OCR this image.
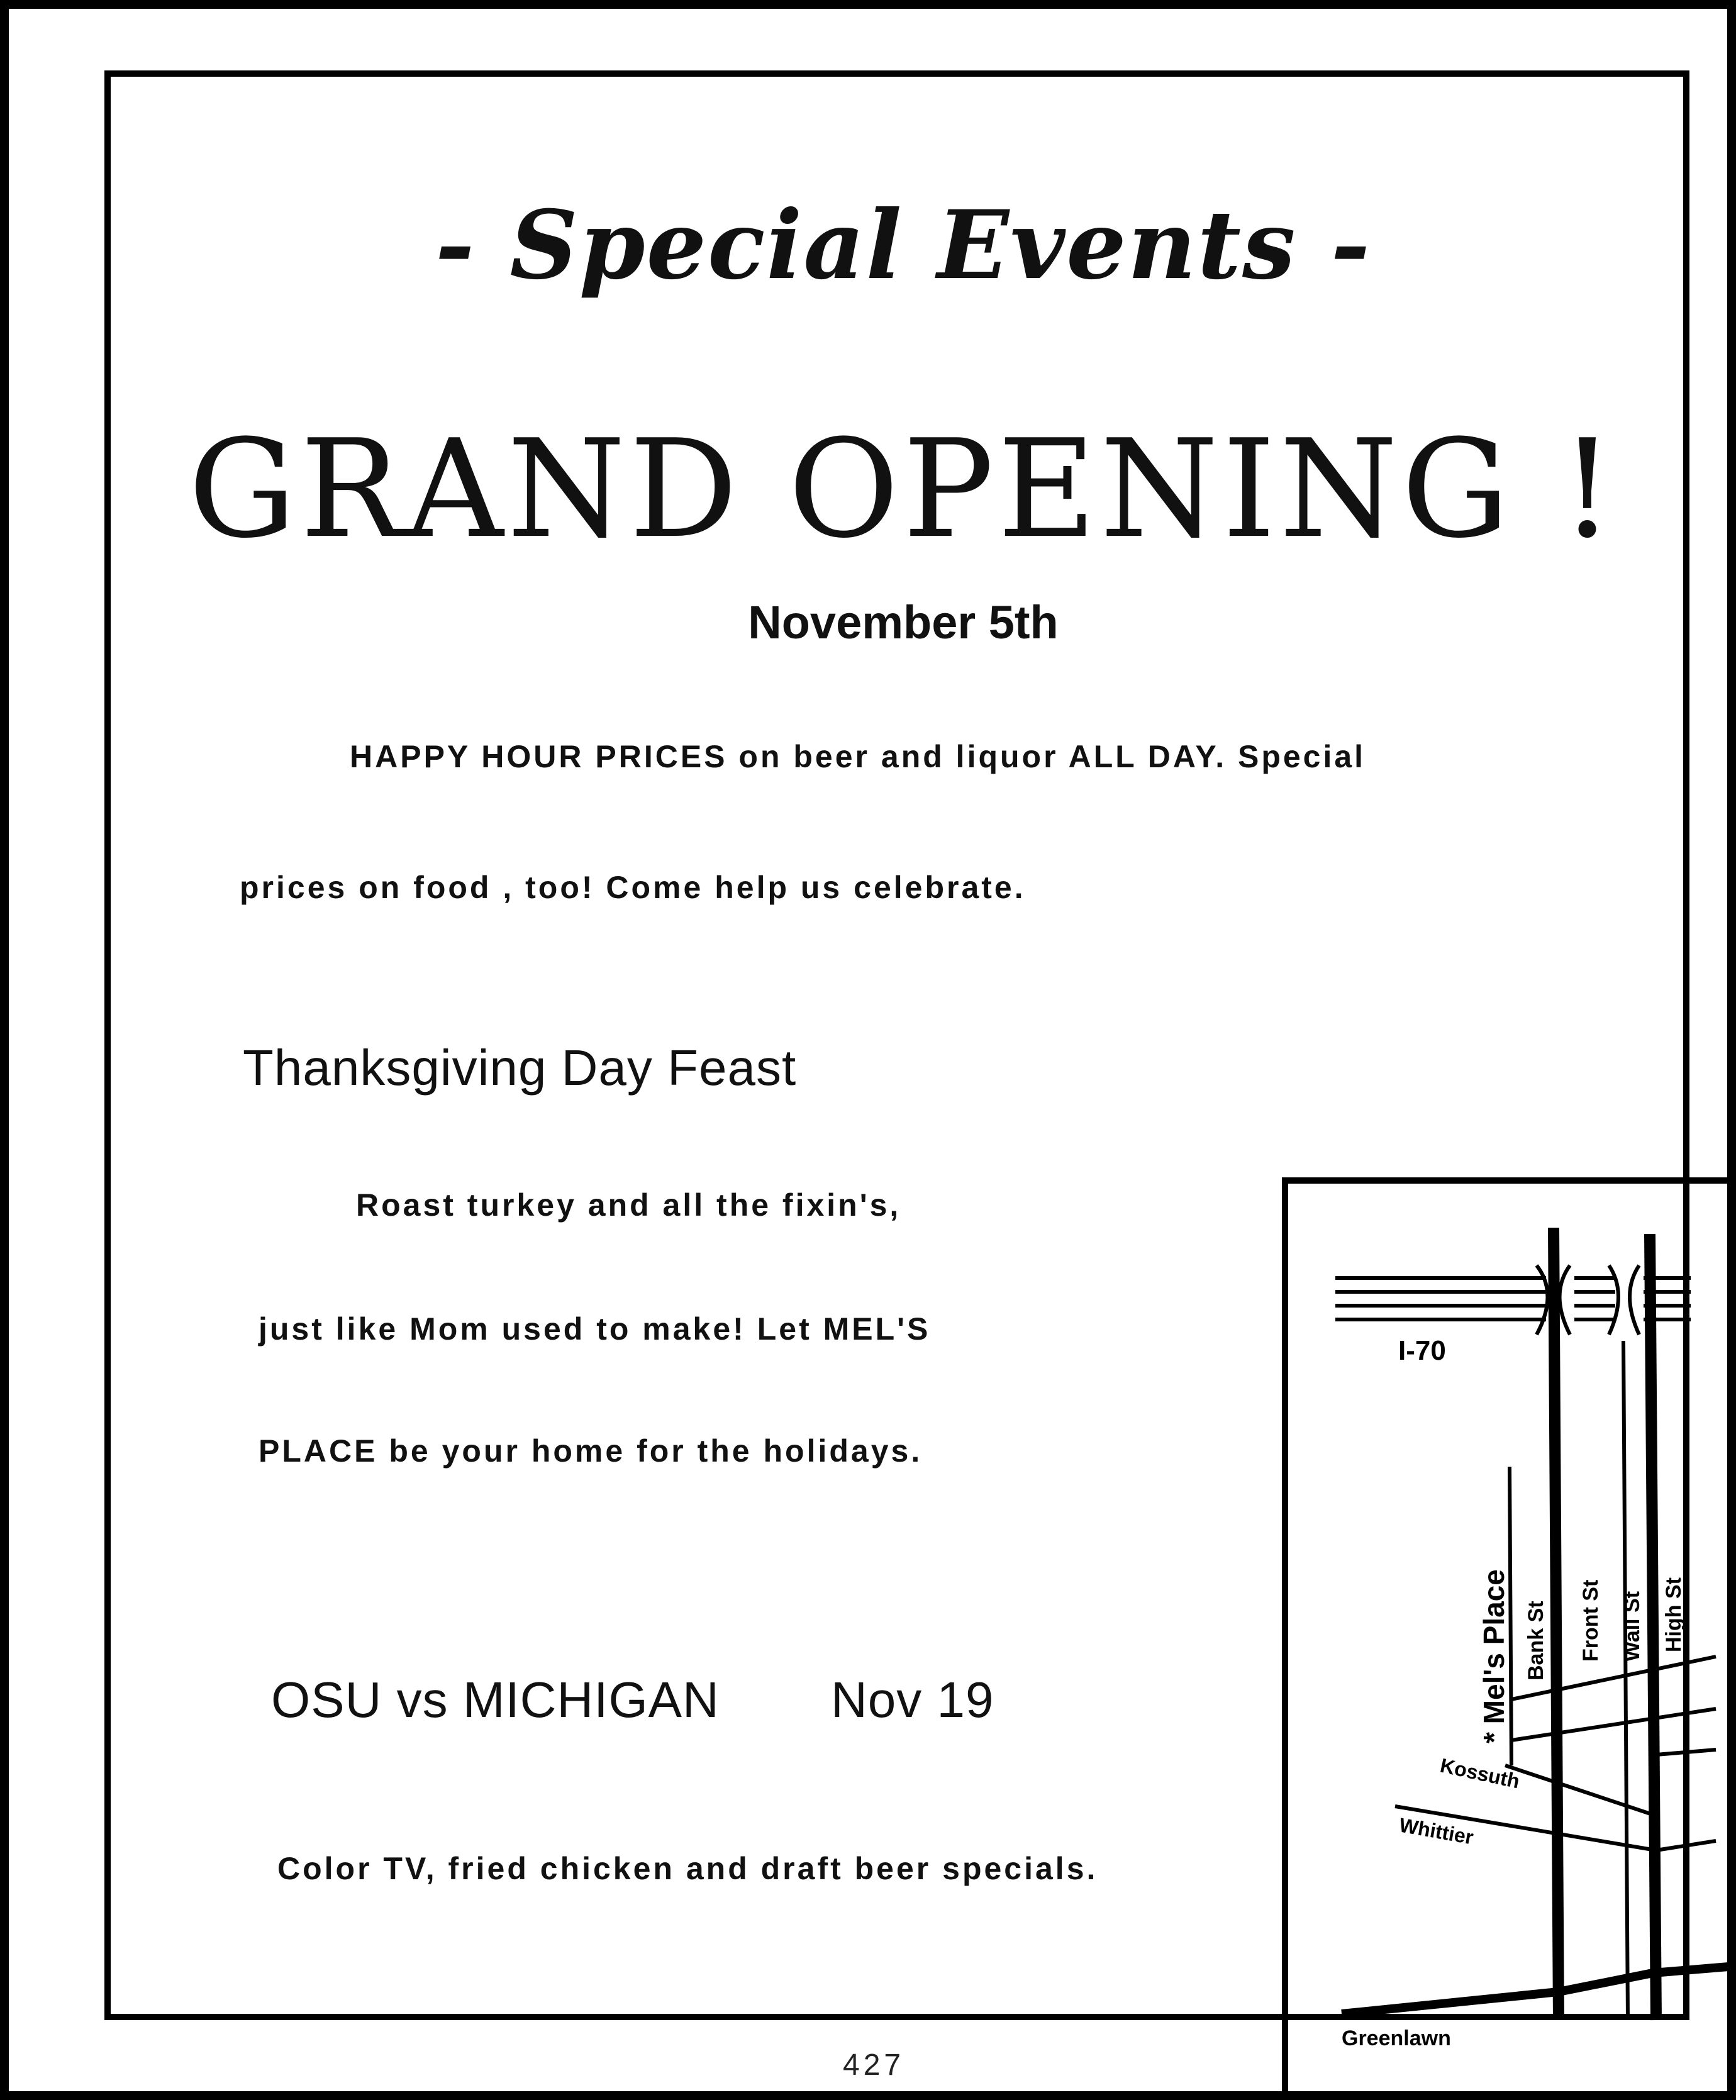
- Special Events -
GRAND OPENING !
November 5th
HAPPY HOUR PRICES on beer and liquor ALL DAY. Special
prices on food , too! Come help us celebrate.
Thanksgiving Day Feast
Roast turkey and all the fixin's,
just like Mom used to make! Let MEL'S
PLACE be your home for the holidays.
OSU vs MICHIGAN Nov 19
Color TV, fried chicken and draft beer specials.
I-70
* Mel's Place Bank St Front St Wall St High St
Kossuth
Whittier
Greenlawn
427
